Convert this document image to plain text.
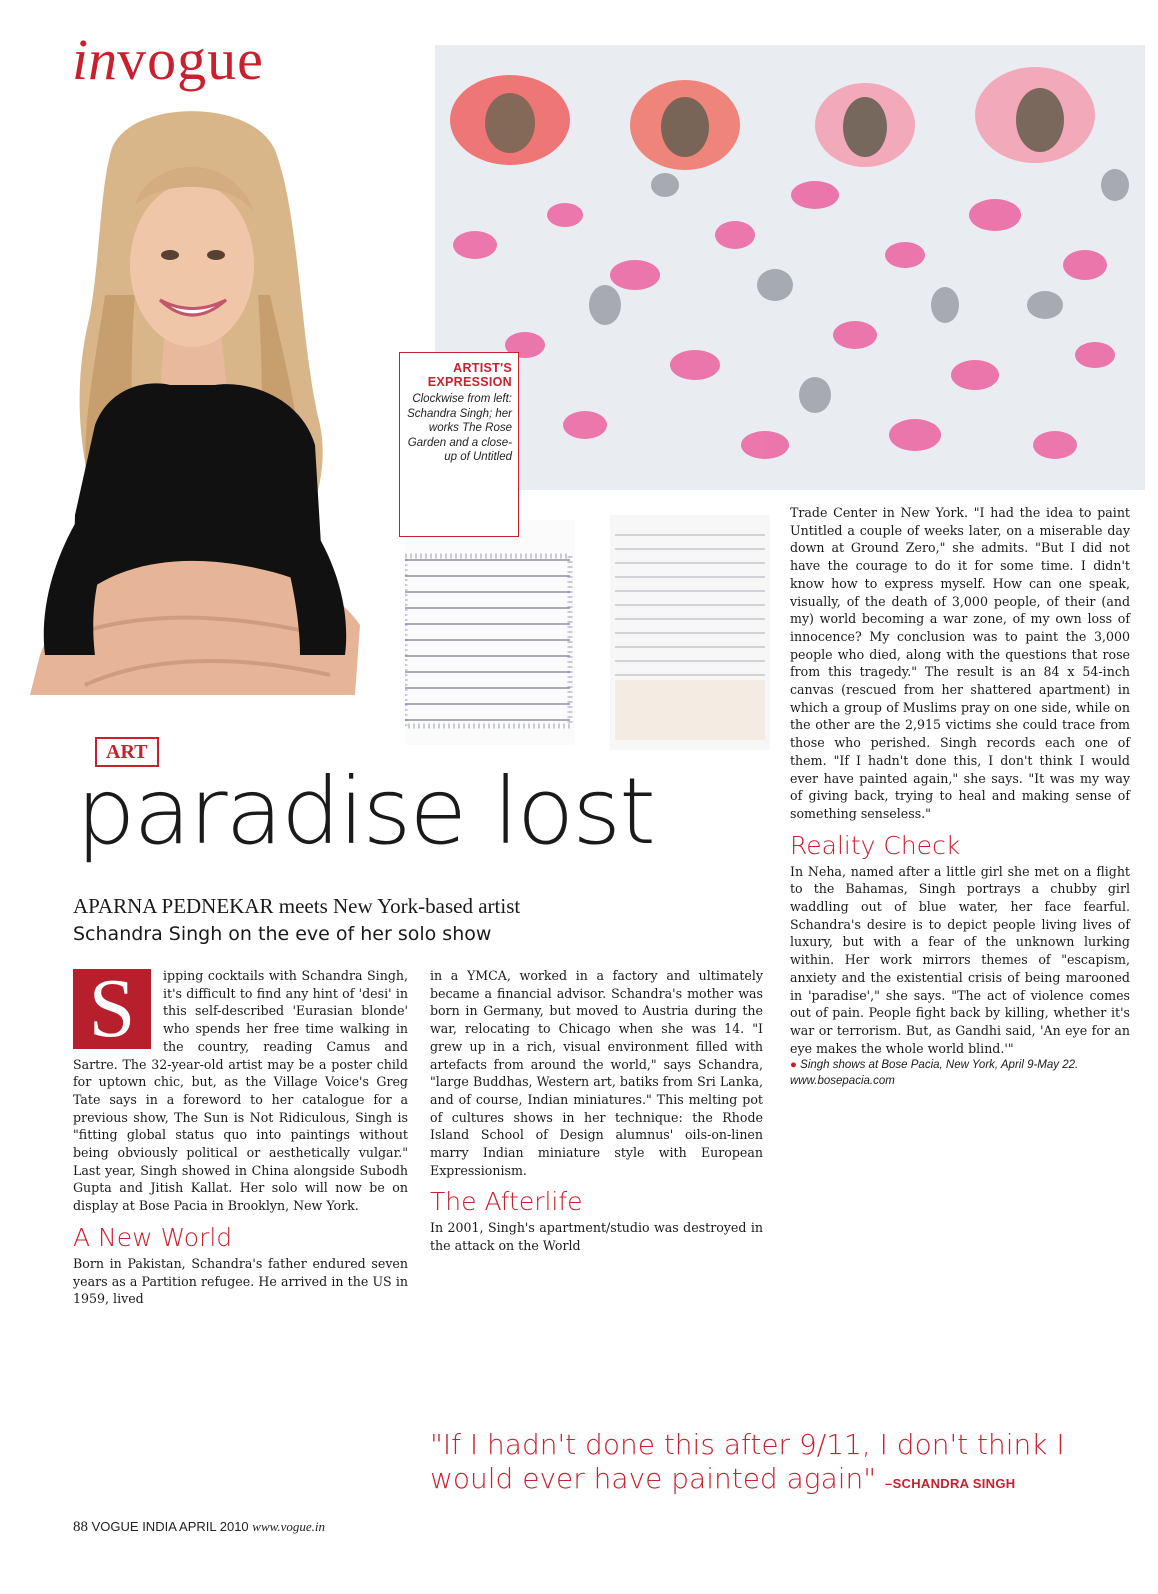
invogue
ARTIST'S EXPRESSION
Clockwise from left: Schandra Singh; her works The Rose Garden and a close-up of Untitled
ART
paradise lost
APARNA PEDNEKAR meets New York-based artist
Schandra Singh on the eve of her solo show
S	ipping cocktails with Schandra Singh, it's difficult to find any hint of 'desi' in this self-described 'Eurasian blonde' who spends her free time walking in the country, reading Camus and Sartre. The 32-year-old artist may be a poster child for uptown chic, but, as the Village Voice's Greg Tate says in a foreword to her catalogue for a previous show, The Sun is Not Ridiculous, Singh is "fitting global status quo into paintings without being obviously political or aesthetically vulgar." Last year, Singh showed in China alongside Subodh Gupta and Jitish Kallat. Her solo will now be on display at Bose Pacia in Brooklyn, New York.

A New World

Born in Pakistan, Schandra's father endured seven years as a Partition refugee. He arrived in the US in 1959, lived

in a YMCA, worked in a factory and ultimately became a financial advisor. Schandra's mother was born in Germany, but moved to Austria during the war, relocating to Chicago when she was 14. "I grew up in a rich, visual environment filled with artefacts from around the world," says Schandra, "large Buddhas, Western art, batiks from Sri Lanka, and of course, Indian miniatures." This melting pot of cultures shows in her technique: the Rhode Island School of Design alumnus' oils-on-linen marry Indian miniature style with European Expressionism.

The Afterlife

In 2001, Singh's apartment/studio was destroyed in the attack on the World

Trade Center in New York. "I had the idea to paint Untitled a couple of weeks later, on a miserable day down at Ground Zero," she admits. "But I did not have the courage to do it for some time. I didn't know how to express myself. How can one speak, visually, of the death of 3,000 people, of their (and my) world becoming a war zone, of my own loss of innocence? My conclusion was to paint the 3,000 people who died, along with the questions that rose from this tragedy." The result is an 84 x 54-inch canvas (rescued from her shattered apartment) in which a group of Muslims pray on one side, while on the other are the 2,915 victims she could trace from those who perished. Singh records each one of them. "If I hadn't done this, I don't think I would ever have painted again," she says. "It was my way of giving back, trying to heal and making sense of something senseless."

Reality Check

In Neha, named after a little girl she met on a flight to the Bahamas, Singh portrays a chubby girl waddling out of blue water, her face fearful. Schandra's desire is to depict people living lives of luxury, but with a fear of the unknown lurking within. Her work mirrors themes of "escapism, anxiety and the existential crisis of being marooned in 'paradise'," she says. "The act of violence comes out of pain. People fight back by killing, whether it's war or terrorism. But, as Gandhi said, 'An eye for an eye makes the whole world blind.'"

● Singh shows at Bose Pacia, New York, April 9-May 22. www.bosepacia.com

"If I hadn't done this after 9/11, I don't think I would ever have painted again" –SCHANDRA SINGH
88 VOGUE INDIA APRIL 2010 www.vogue.in
